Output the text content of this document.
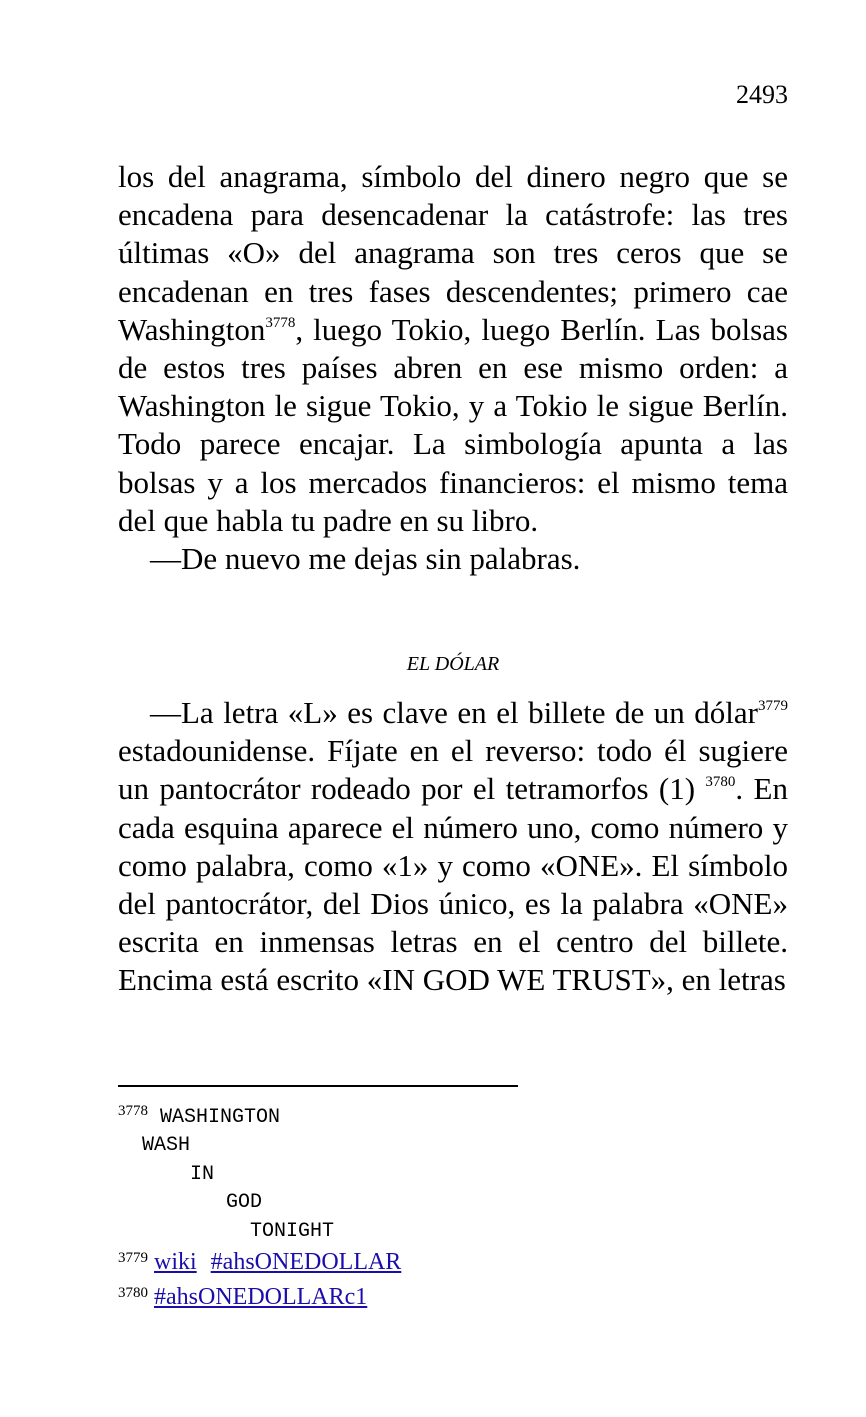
2493

los del anagrama, símbolo del dinero negro que se encadena para desencadenar la catástrofe: las tres últimas «O» del anagrama son tres ceros que se encadenan en tres fases descendentes; primero cae Washington$^{3778}$, luego Tokio, luego Berlín. Las bolsas de estos tres países abren en ese mismo orden: a Washington le sigue Tokio, y a Tokio le sigue Berlín. Todo parece encajar. La simbología apunta a las bolsas y a los mercados financieros: el mismo tema del que habla tu padre en su libro.

—De nuevo me dejas sin palabras.

EL DÓLAR

—La letra «L» es clave en el billete de un dólar$^{3779}$ estadounidense. Fíjate en el reverso: todo él sugiere un pantocrátor rodeado por el tetramorfos (1) $^{3780}$. En cada esquina aparece el número uno, como número y como palabra, como «1» y como «ONE». El símbolo del pantocrátor, del Dios único, es la palabra «ONE» escrita en inmensas letras en el centro del billete. Encima está escrito «IN GOD WE TRUST», en letras

$^{3778}$ WASHINGTON
WASH
IN
GOD
TONIGHT
$^{3779}$ wiki #ahsONEDOLLAR
$^{3780}$ #ahsONEDOLLARc1
